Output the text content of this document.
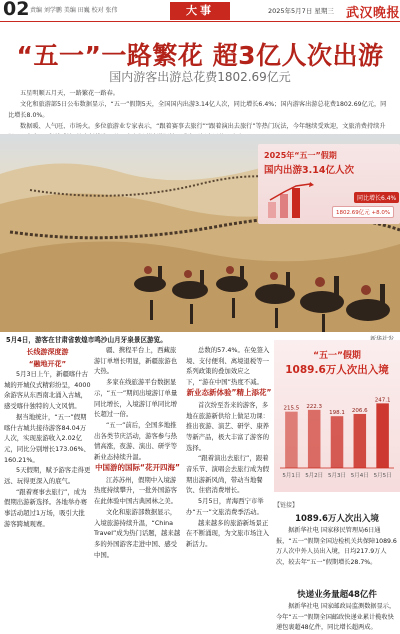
02 责编 刘学鹏 美编 田巍 校对 张伟	大事	2025年5月7日 星期三 武汉晚报
“五一”一路繁花 超3亿人次出游
国内游客出游总花费1802.69亿元

五星明顺五月天，一路繁花一路春。

文化和旅游部5日公布数据显示，“五一”假期5天，全国国内出游3.14亿人次，同比增长6.4%；国内游客出游总花费1802.69亿元，同比增长8.0%。

数据暖、人气旺、市场火。多位旅游业专家表示，“跟着赛事去旅行”“跟着演出去旅行”等热门玩法，今年继续受欢迎，文旅消费持续升

2025年“五一”假期
国内出游3.14亿人次
同比增长6.4%
1802.69亿元 +8.0%
5月4日，游客在甘肃省敦煌市鸣沙山月牙泉景区游览。
长线游深度游
“融地开花”

5月3日上午，新疆喀什古城的开城仪式精彩纷呈，4000余游客从东西南北涌入古城，感受喀什独特的人文风情。

据当地统计，“五一”假期喀什古城共接待游客84.04万人次，实现旅游收入2.02亿元，同比分别增长173.06%、160.21%。

5天假期，赋予游客走得更远、玩得更深入的底气。

“跟着赛事去旅行”，成为假期出游新选择。各地举办赛事活动超过1万场，吸引大批游客跨城观赛。

疆、携程平台上，西藏旅游订单增长明显，新疆旅游也大热。

多家在线旅游平台数据显示，“五一”期间出境游订单量同比增长，入境游订单同比增长超过一倍。

“五一”前后，全国多地推出各类节庆活动，游客参与热情高涨，夜游、演出、研学等新业态持续升温。

中国游的国际“花开四海”

江苏苏州，假期中入境游热度持续攀升，一批外国游客在此体验中国古典园林之美。

文化和旅游部数据显示，入境旅游持续升温，“China Travel”成为热门话题，越来越多的外国游客走进中国、感受中国。

总数的57.4%。在免签入境、支付便利、离境退税等一系列政策的叠加效应之下，“游在中国”热度不减。

新业态新体验”精上添花”

首次纷至沓来的游客，多地在旅游新供给上做足功课：推出夜游、演艺、研学、康养等新产品，极大丰富了游客的选择。

“跟着演出去旅行”，跟着音乐节、演唱会去旅行成为假期出游新风尚，带动当地餐饮、住宿消费增长。

5月5日，青海西宁市举办“五一”文旅消费季活动。

越来越多的旅游新场景正在不断涌现，为文旅市场注入新活力。

“五一”假期
1089.6万人次出入境
215.5
5月1日
222.3
5月2日
198.1
5月3日
206.6
5月4日
247.1
5月5日
【链接】
1089.6万人次出入境

据新华社电 国家移民管理局6日通报，“五一”假期全国边检机关共保障1089.6万人次中外人员出入境，日均217.9万人次，较去年“五一”假期增长28.7%。

快递业务量超48亿件

据新华社电 国家邮政局监测数据显示，今年“五一”假期全国邮政快递业累计揽收快递包裹超48亿件，同比增长超两成。
